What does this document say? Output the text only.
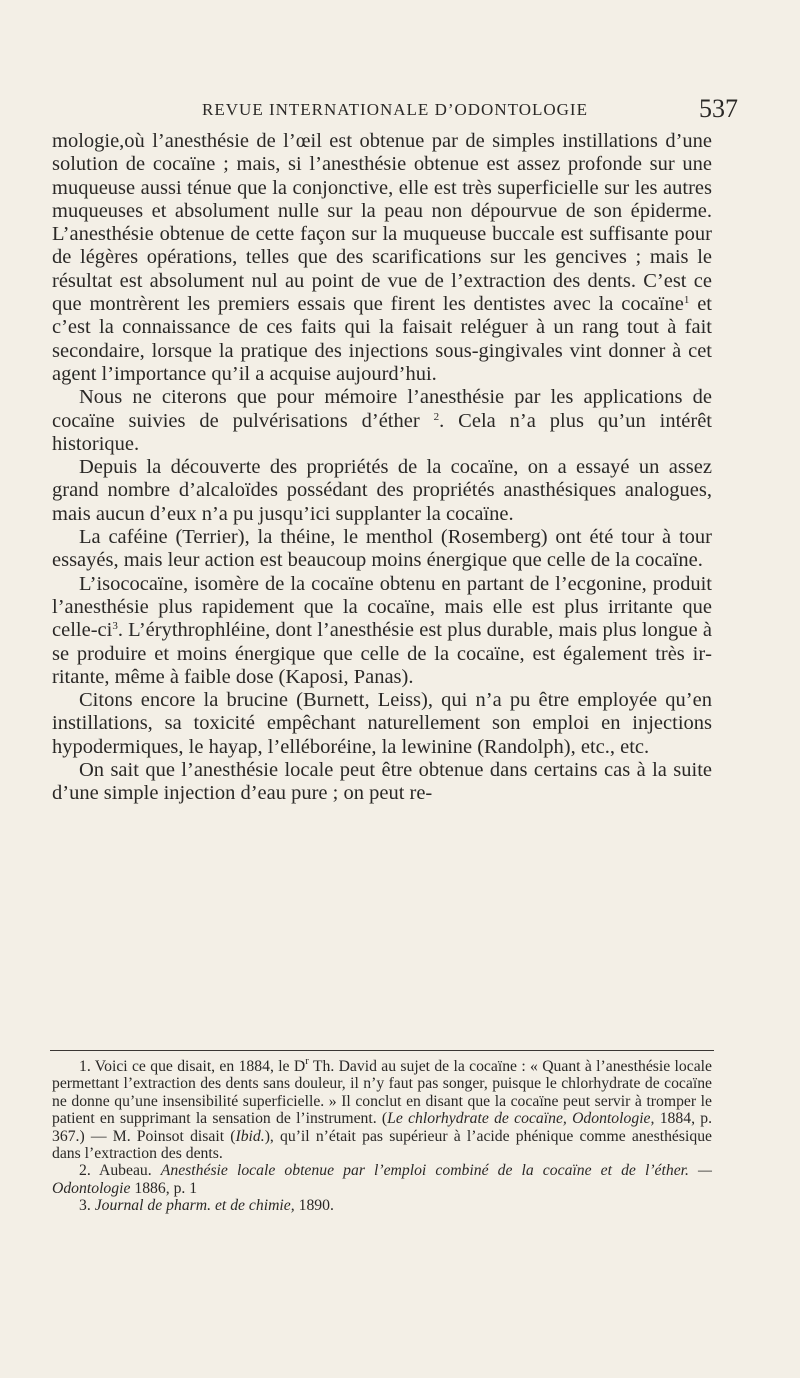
REVUE INTERNATIONALE D’ODONTOLOGIE	537

mologie,où l’anesthésie de l’œil est obtenue par de simples instillations d’une solution de cocaïne ; mais, si l’anesthésie obtenue est assez profonde sur une muqueuse aussi ténue que la conjonctive, elle est très superficielle sur les autres muqueuses et absolument nulle sur la peau non dépourvue de son épiderme. L’anesthésie obtenue de cette façon sur la muqueuse buccale est suffisante pour de légères opérations, telles que des scarifications sur les gencives ; mais le résultat est absolument nul au point de vue de l’extraction des dents. C’est ce que montrèrent les premiers essais que firent les dentistes avec la cocaïne$^1$ et c’est la connaissance de ces faits qui la faisait reléguer à un rang tout à fait secondaire, lorsque la pratique des injections sous-gingivales vint donner à cet agent l’importance qu’il a acquise aujourd’hui.

Nous ne citerons que pour mémoire l’anesthésie par les applications de cocaïne suivies de pulvérisations d’éther $^2$. Cela n’a plus qu’un intérêt historique.

Depuis la découverte des propriétés de la cocaïne, on a essayé un assez grand nombre d’alcaloïdes possédant des propriétés anasthésiques analogues, mais aucun d’eux n’a pu jusqu’ici supplanter la cocaïne.

La caféine (Terrier), la théine, le menthol (Rosemberg) ont été tour à tour essayés, mais leur action est beaucoup moins énergique que celle de la cocaïne.

L’isococaïne, isomère de la cocaïne obtenu en partant de l’ecgonine, produit l’anesthésie plus rapidement que la cocaïne, mais elle est plus irritante que celle-$ci^3$. L’érythrophléine, dont l’anesthésie est plus durable, mais plus longue à se produire et moins énergique que celle de la cocaïne, est également très irritante, même à faible dose (Kaposi, Panas).

Citons encore la brucine (Burnett, Leiss), qui n’a pu être employée qu’en instillations, sa toxicité empêchant naturellement son emploi en injections hypodermiques, le hayap, l’elléboréine, la lewinine (Randolph), etc., etc.

On sait que l’anesthésie locale peut être obtenue dans certains cas à la suite d’une simple injection d’eau pure ; on peut re-

1. Voici ce que disait, en 1884, le $D^r$ Th. David au sujet de la cocaïne : « Quant à l’anesthésie locale permettant l’extraction des dents sans douleur, il n’y faut pas songer, puisque le chlorhydrate de cocaïne ne donne qu’une insensibilité superficielle. » Il conclut en disant que la cocaïne peut servir à tromper le patient en supprimant la sensation de l’instrument. (Le chlorhydrate de cocaïne, Odontologie, 1884, p. 367.) — M. Poinsot disait (Ibid.), qu’il n’était pas supérieur à l’acide phénique comme anesthésique dans l’extraction des dents.

2. Aubeau. Anesthésie locale obtenue par l’emploi combiné de la cocaïne et de l’éther. — Odontologie 1886, p. 1

3. Journal de pharm. et de chimie, 1890.
